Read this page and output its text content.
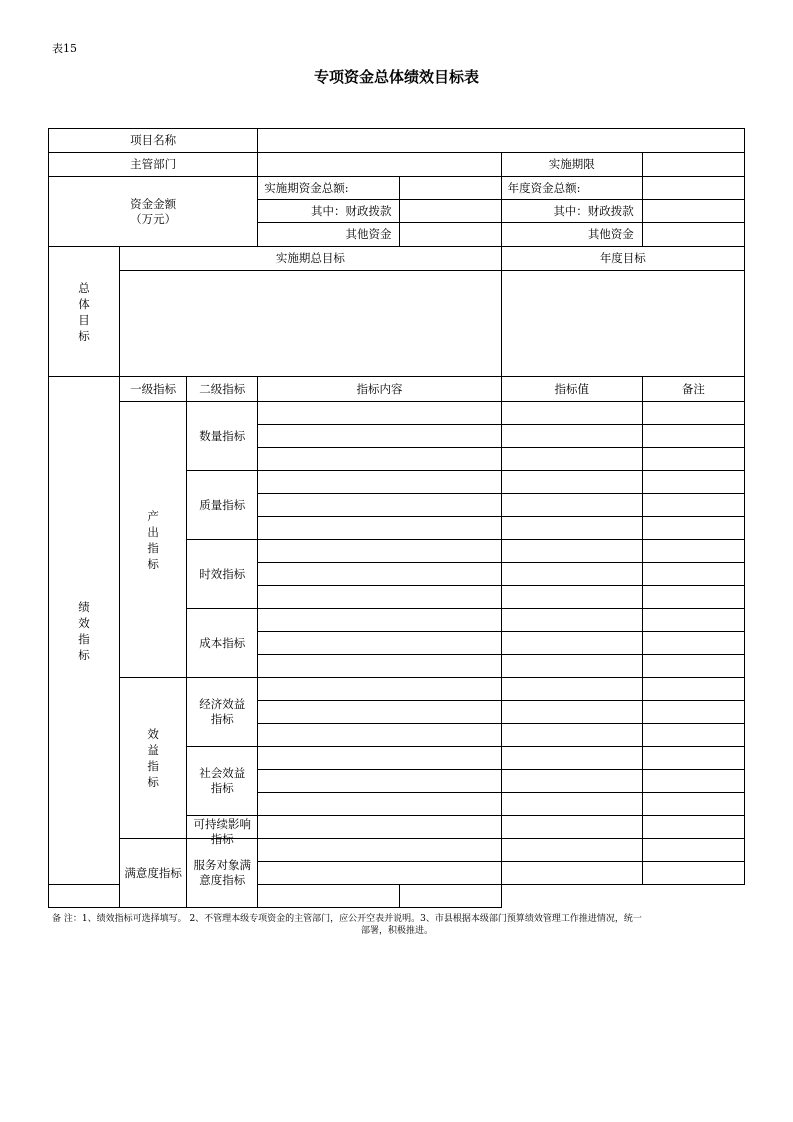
表15
专项资金总体绩效目标表
项目名称						
主管部门					实施期限	

资金金额
（万元）			实施期资金总额:		年度资金总额:	
			其中：财政拨款		其中：财政拨款	
			其他资金		其他资金	
总体目标	实施期总目标				年度目标	

绩效指标	一级指标	二级指标	指标内容		指标值	备注
	产出指标	数量指标				

		质量指标				

		时效指标				

		成本指标				

	效益指标	经济效益指标				

		社会效益指标				

		可持续影响指标				

	满意度指标	服务对象满意度指标				

备 注：1、绩效指标可选择填写。 2、不管理本级专项资金的主管部门，应公开空表并说明。3、市县根据本级部门预算绩效管理工作推进情况，统一
部署，积极推进。
